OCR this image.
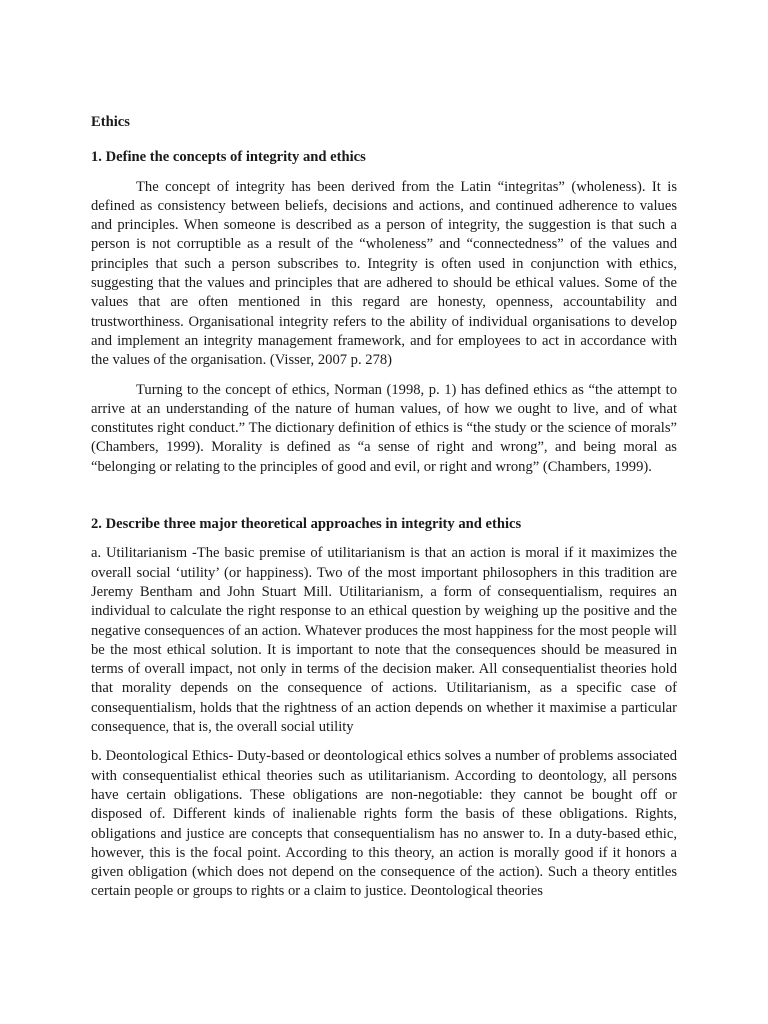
Ethics
1. Define the concepts of integrity and ethics

The concept of integrity has been derived from the Latin “integritas” (wholeness). It is defined as consistency between beliefs, decisions and actions, and continued adherence to values and principles. When someone is described as a person of integrity, the suggestion is that such a person is not corruptible as a result of the “wholeness” and “connectedness” of the values and principles that such a person subscribes to. Integrity is often used in conjunction with ethics, suggesting that the values and principles that are adhered to should be ethical values. Some of the values that are often mentioned in this regard are honesty, openness, accountability and trustworthiness. Organisational integrity refers to the ability of individual organisations to develop and implement an integrity management framework, and for employees to act in accordance with the values of the organisation. (Visser, 2007 p. 278)

Turning to the concept of ethics, Norman (1998, p. 1) has defined ethics as “the attempt to arrive at an understanding of the nature of human values, of how we ought to live, and of what constitutes right conduct.” The dictionary definition of ethics is “the study or the science of morals” (Chambers, 1999). Morality is defined as “a sense of right and wrong”, and being moral as “belonging or relating to the principles of good and evil, or right and wrong” (Chambers, 1999).

2. Describe three major theoretical approaches in integrity and ethics

a. Utilitarianism -The basic premise of utilitarianism is that an action is moral if it maximizes the overall social ‘utility’ (or happiness). Two of the most important philosophers in this tradition are Jeremy Bentham and John Stuart Mill. Utilitarianism, a form of consequentialism, requires an individual to calculate the right response to an ethical question by weighing up the positive and the negative consequences of an action. Whatever produces the most happiness for the most people will be the most ethical solution. It is important to note that the consequences should be measured in terms of overall impact, not only in terms of the decision maker. All consequentialist theories hold that morality depends on the consequence of actions. Utilitarianism, as a specific case of consequentialism, holds that the rightness of an action depends on whether it maximise a particular consequence, that is, the overall social utility

b. Deontological Ethics- Duty-based or deontological ethics solves a number of problems associated with consequentialist ethical theories such as utilitarianism. According to deontology, all persons have certain obligations. These obligations are non-negotiable: they cannot be bought off or disposed of. Different kinds of inalienable rights form the basis of these obligations. Rights, obligations and justice are concepts that consequentialism has no answer to. In a duty-based ethic, however, this is the focal point. According to this theory, an action is morally good if it honors a given obligation (which does not depend on the consequence of the action). Such a theory entitles certain people or groups to rights or a claim to justice. Deontological theories
